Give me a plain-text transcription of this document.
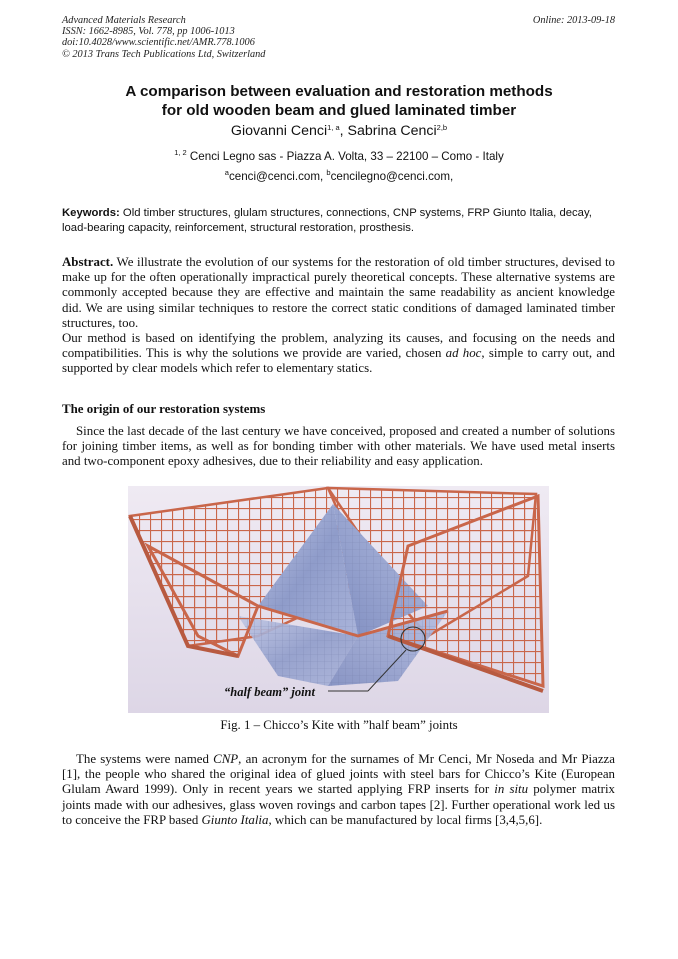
Advanced Materials Research
ISSN: 1662-8985, Vol. 778, pp 1006-1013
doi:10.4028/www.scientific.net/AMR.778.1006
© 2013 Trans Tech Publications Ltd, Switzerland
Online: 2013-09-18
A comparison between evaluation and restoration methods
for old wooden beam and glued laminated timber
Giovanni Cenci$^{1, a}$, Sabrina Cenci$^{2,b}$
$^{1, 2}$ Cenci Legno sas - Piazza A. Volta, 33 – 22100 – Como - Italy
$^a$cenci@cenci.com, $^b$cencilegno@cenci.com,
Keywords: Old timber structures, glulam structures, connections, CNP systems, FRP Giunto Italia, decay, load-bearing capacity, reinforcement, structural restoration, prosthesis.
Abstract. We illustrate the evolution of our systems for the restoration of old timber structures, devised to make up for the often operationally impractical purely theoretical concepts. These alternative systems are commonly accepted because they are effective and maintain the same readability as ancient knowledge did. We are using similar techniques to restore the correct static conditions of damaged laminated timber structures, too.
Our method is based on identifying the problem, analyzing its causes, and focusing on the needs and compatibilities. This is why the solutions we provide are varied, chosen ad hoc, simple to carry out, and supported by clear models which refer to elementary statics.
The origin of our restoration systems
Since the last decade of the last century we have conceived, proposed and created a number of solutions for joining timber items, as well as for bonding timber with other materials. We have used metal inserts and two-component epoxy adhesives, due to their reliability and easy application.
“half beam” joint
Fig. 1 – Chicco’s Kite with ”half beam” joints
The systems were named CNP, an acronym for the surnames of Mr Cenci, Mr Noseda and Mr Piazza [1], the people who shared the original idea of glued joints with steel bars for Chicco’s Kite (European Glulam Award 1999). Only in recent years we started applying FRP inserts for in situ polymer matrix joints made with our adhesives, glass woven rovings and carbon tapes [2]. Further operational work led us to conceive the FRP based Giunto Italia, which can be manufactured by local firms [3,4,5,6].
